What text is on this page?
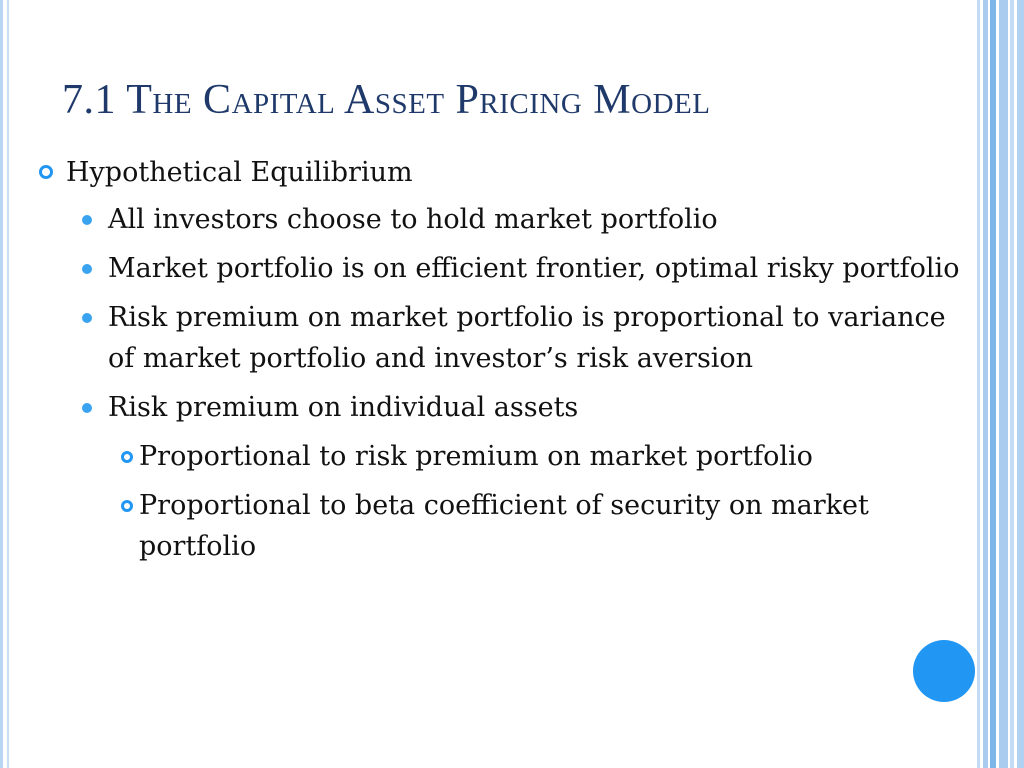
7.1 The Capital Asset Pricing Model
Hypothetical Equilibrium
All investors choose to hold market portfolio
Market portfolio is on efficient frontier, optimal risky portfolio
Risk premium on market portfolio is proportional to variance of market portfolio and investor’s risk aversion
Risk premium on individual assets
Proportional to risk premium on market portfolio
Proportional to beta coefficient of security on market portfolio
